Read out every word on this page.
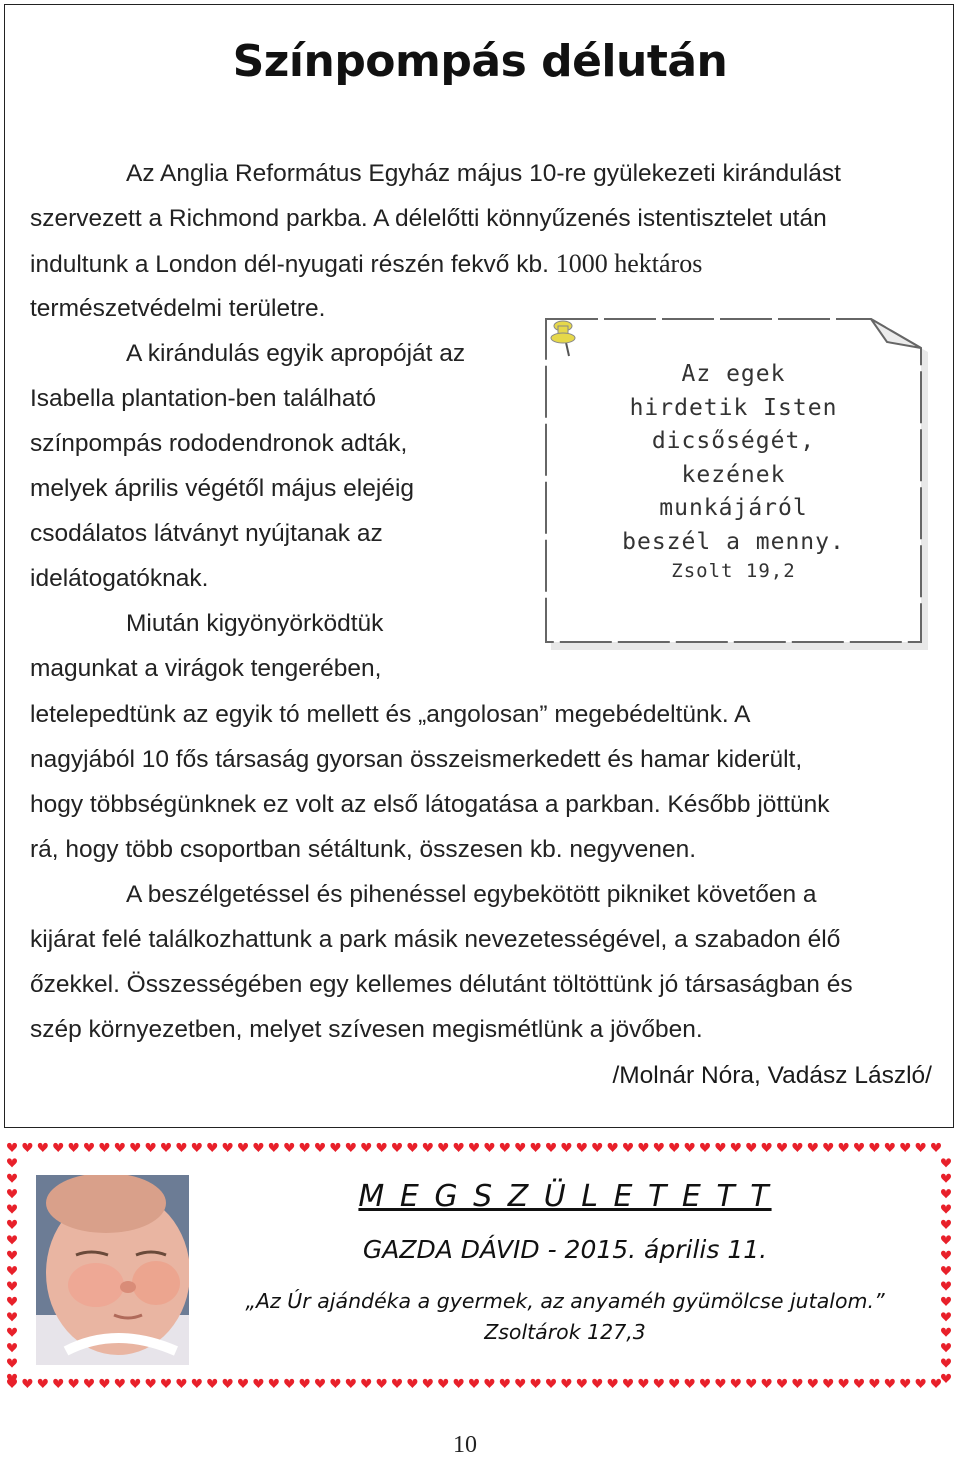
Színpompás délután
Az Anglia Református Egyház május 10-re gyülekezeti kirándulást
szervezett a Richmond parkba. A délelőtti könnyűzenés istentisztelet után
indultunk a London dél-nyugati részén fekvő kb. 1000 hektáros
természetvédelmi területre.
A kirándulás egyik apropóját az
Isabella plantation-ben található
színpompás rododendronok adták,
melyek április végétől május elejéig
csodálatos látványt nyújtanak az
idelátogatóknak.
Miután kigyönyörködtük
magunkat a virágok tengerében,
letelepedtünk az egyik tó mellett és „angolosan” megebédeltünk. A
nagyjából 10 fős társaság gyorsan összeismerkedett és hamar kiderült,
hogy többségünknek ez volt az első látogatása a parkban. Később jöttünk
rá, hogy több csoportban sétáltunk, összesen kb. negyvenen.
A beszélgetéssel és pihenéssel egybekötött pikniket követően a
kijárat felé találkozhattunk a park másik nevezetességével, a szabadon élő
őzekkel. Összességében egy kellemes délutánt töltöttünk jó társaságban és
szép környezetben, melyet szívesen megismétlünk a jövőben.
/Molnár Nóra, Vadász László/
Az egek
hirdetik Isten
dicsőségét,
kezének
munkájáról
beszél a menny.
Zsolt 19,2
M E G S Z Ü L E T E T T
GAZDA DÁVID - 2015. április 11.
„Az Úr ajándéka a gyermek, az anyaméh gyümölcse jutalom.”
Zsoltárok 127,3
10
